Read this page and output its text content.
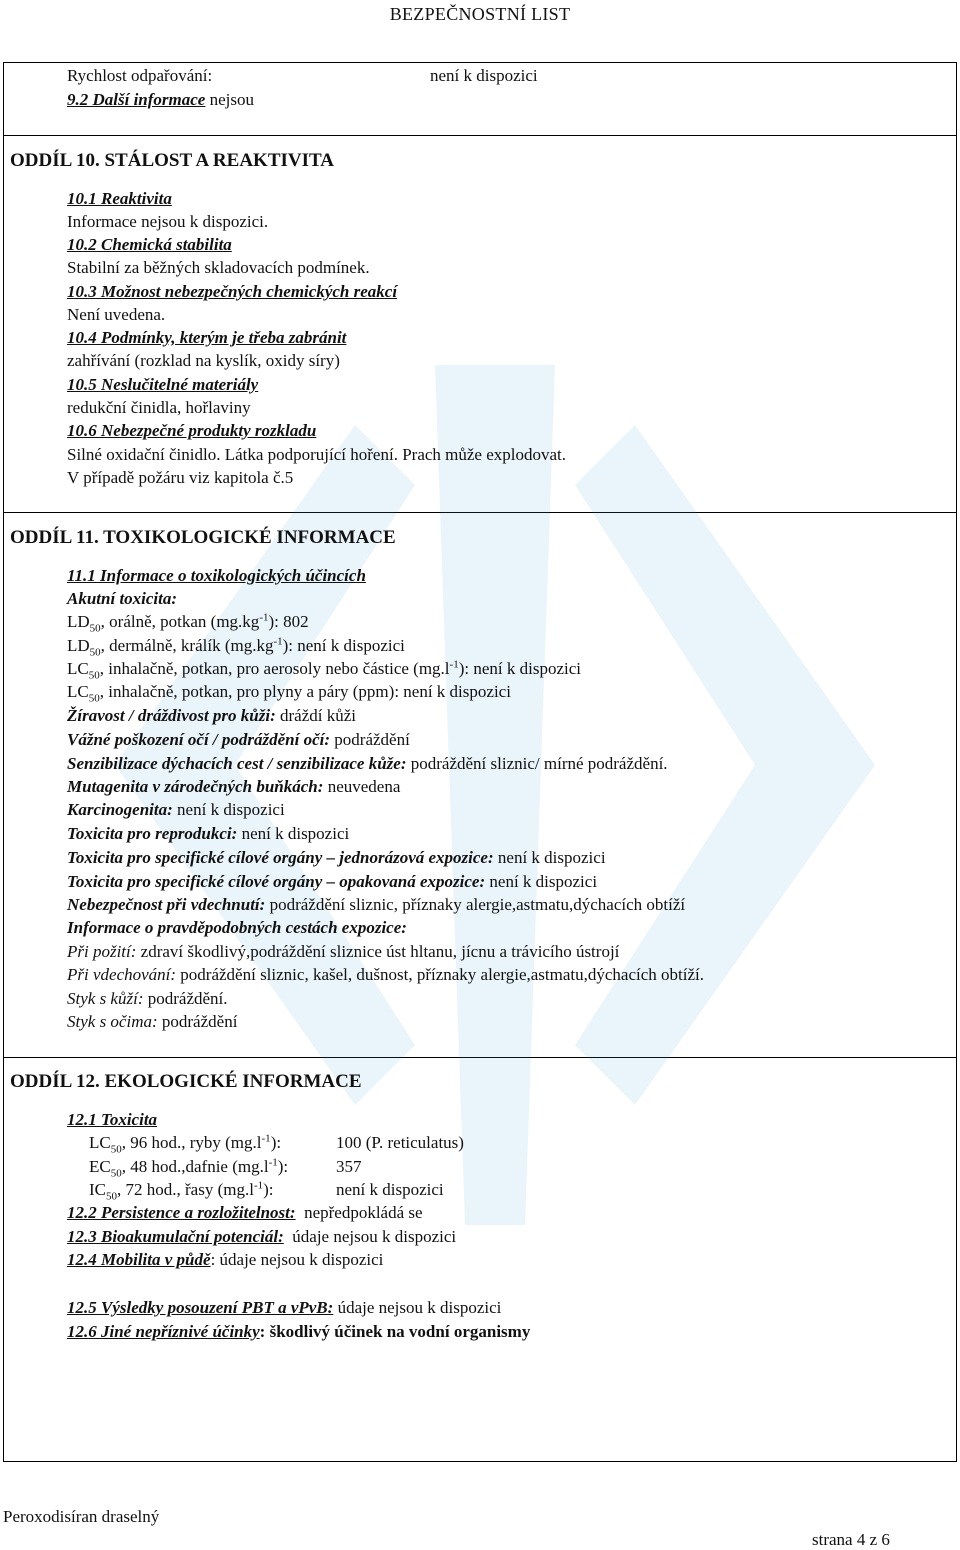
BEZPEČNOSTNÍ LIST
Rychlost odpařování:	není k dispozici
9.2 Další informace nejsou
ODDÍL 10. STÁLOST A REAKTIVITA
10.1 Reaktivita
Informace nejsou k dispozici.
10.2 Chemická stabilita
Stabilní za běžných skladovacích podmínek.
10.3 Možnost nebezpečných chemických reakcí
Není uvedena.
10.4 Podmínky, kterým je třeba zabránit
zahřívání (rozklad na kyslík, oxidy síry)
10.5 Neslučitelné materiály
redukční činidla, hořlaviny
10.6 Nebezpečné produkty rozkladu
Silné oxidační činidlo. Látka podporující hoření. Prach může explodovat.
V případě požáru viz kapitola č.5
ODDÍL 11. TOXIKOLOGICKÉ INFORMACE
11.1 Informace o toxikologických účincích
Akutní toxicita:
$LD_{50}$, orálně, potkan $(mg.kg^{-1})$: 802
$LD_{50}$, dermálně, králík $(mg.kg^{-1})$: není k dispozici
$LC_{50}$, inhalačně, potkan, pro aerosoly nebo částice $(mg.l^{-1})$: není k dispozici
$LC_{50}$, inhalačně, potkan, pro plyny a páry (ppm): není k dispozici
Žíravost / dráždivost pro kůži: dráždí kůži
Vážné poškození očí / podráždění očí: podráždění
Senzibilizace dýchacích cest / senzibilizace kůže: podráždění sliznic/ mírné podráždění.
Mutagenita v zárodečných buňkách: neuvedena
Karcinogenita: není k dispozici
Toxicita pro reprodukci: není k dispozici
Toxicita pro specifické cílové orgány – jednorázová expozice: není k dispozici
Toxicita pro specifické cílové orgány – opakovaná expozice: není k dispozici
Nebezpečnost při vdechnutí: podráždění sliznic, příznaky alergie,astmatu,dýchacích obtíží
Informace o pravděpodobných cestách expozice:
Při požití: zdraví škodlivý,podráždění sliznice úst hltanu, jícnu a trávicího ústrojí
Při vdechování: podráždění sliznic, kašel, dušnost, příznaky alergie,astmatu,dýchacích obtíží.
Styk s kůží: podráždění.
Styk s očima: podráždění
ODDÍL 12. EKOLOGICKÉ INFORMACE
12.1 Toxicita
$LC_{50}$, 96 hod., ryby $(mg.l^{-1})$:	100 (P. reticulatus)
$EC_{50}$, 48 hod.,dafnie $(mg.l^{-1})$:	357
$IC_{50}$, 72 hod., řasy $(mg.l^{-1})$:	není k dispozici
12.2 Persistence a rozložitelnost: nepředpokládá se
12.3 Bioakumulační potenciál: údaje nejsou k dispozici
12.4 Mobilita v půdě: údaje nejsou k dispozici
12.5 Výsledky posouzení PBT a vPvB: údaje nejsou k dispozici
12.6 Jiné nepříznivé účinky: škodlivý účinek na vodní organismy
Peroxodisíran draselný
strana 4 z 6
